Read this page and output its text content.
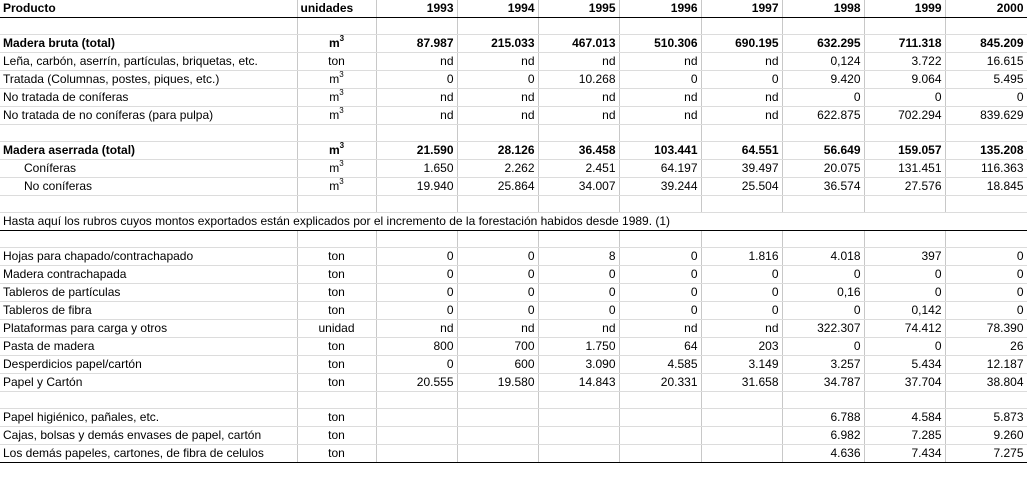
Producto	unidades	1993	1994	1995	1996	1997	1998	1999	2000

Madera bruta (total)	$m^3$	87.987	215.033	467.013	510.306	690.195	632.295	711.318	845.209
Leña, carbón, aserrín, partículas, briquetas, etc.	ton	nd	nd	nd	nd	nd	0,124	3.722	16.615
Tratada (Columnas, postes, piques, etc.)	$m^3$	0	0	10.268	0	0	9.420	9.064	5.495
No tratada de coníferas	$m^3$	nd	nd	nd	nd	nd	0	0	0
No tratada de no coníferas (para pulpa)	$m^3$	nd	nd	nd	nd	nd	622.875	702.294	839.629

Madera aserrada (total)	$m^3$	21.590	28.126	36.458	103.441	64.551	56.649	159.057	135.208
Coníferas	$m^3$	1.650	2.262	2.451	64.197	39.497	20.075	131.451	116.363
No coníferas	$m^3$	19.940	25.864	34.007	39.244	25.504	36.574	27.576	18.845

Hasta aquí los rubros cuyos montos exportados están explicados por el incremento de la forestación habidos desde 1989. (1)									

Hojas para chapado/contrachapado	ton	0	0	8	0	1.816	4.018	397	0
Madera contrachapada	ton	0	0	0	0	0	0	0	0
Tableros de partículas	ton	0	0	0	0	0	0,16	0	0
Tableros de fibra	ton	0	0	0	0	0	0	0,142	0
Plataformas para carga y otros	unidad	nd	nd	nd	nd	nd	322.307	74.412	78.390
Pasta de madera	ton	800	700	1.750	64	203	0	0	26
Desperdicios papel/cartón	ton	0	600	3.090	4.585	3.149	3.257	5.434	12.187
Papel y Cartón	ton	20.555	19.580	14.843	20.331	31.658	34.787	37.704	38.804

Papel higiénico, pañales, etc.	ton						6.788	4.584	5.873
Cajas, bolsas y demás envases de papel, cartón	ton						6.982	7.285	9.260
Los demás papeles, cartones, de fibra de celulos	ton						4.636	7.434	7.275
